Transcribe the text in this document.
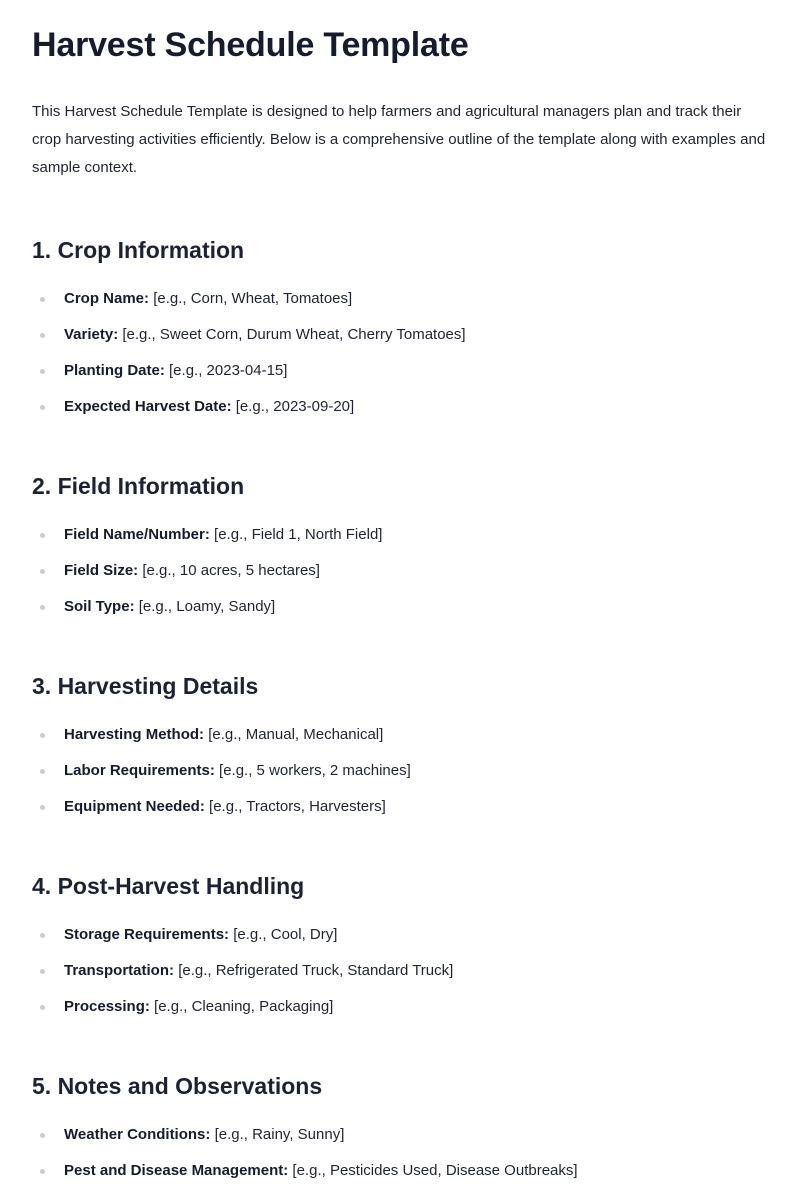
Harvest Schedule Template

This Harvest Schedule Template is designed to help farmers and agricultural managers plan and track their crop harvesting activities efficiently. Below is a comprehensive outline of the template along with examples and sample context.

1. Crop Information
Crop Name: [e.g., Corn, Wheat, Tomatoes]
Variety: [e.g., Sweet Corn, Durum Wheat, Cherry Tomatoes]
Planting Date: [e.g., 2023-04-15]
Expected Harvest Date: [e.g., 2023-09-20]
2. Field Information
Field Name/Number: [e.g., Field 1, North Field]
Field Size: [e.g., 10 acres, 5 hectares]
Soil Type: [e.g., Loamy, Sandy]
3. Harvesting Details
Harvesting Method: [e.g., Manual, Mechanical]
Labor Requirements: [e.g., 5 workers, 2 machines]
Equipment Needed: [e.g., Tractors, Harvesters]
4. Post-Harvest Handling
Storage Requirements: [e.g., Cool, Dry]
Transportation: [e.g., Refrigerated Truck, Standard Truck]
Processing: [e.g., Cleaning, Packaging]
5. Notes and Observations
Weather Conditions: [e.g., Rainy, Sunny]
Pest and Disease Management: [e.g., Pesticides Used, Disease Outbreaks]
